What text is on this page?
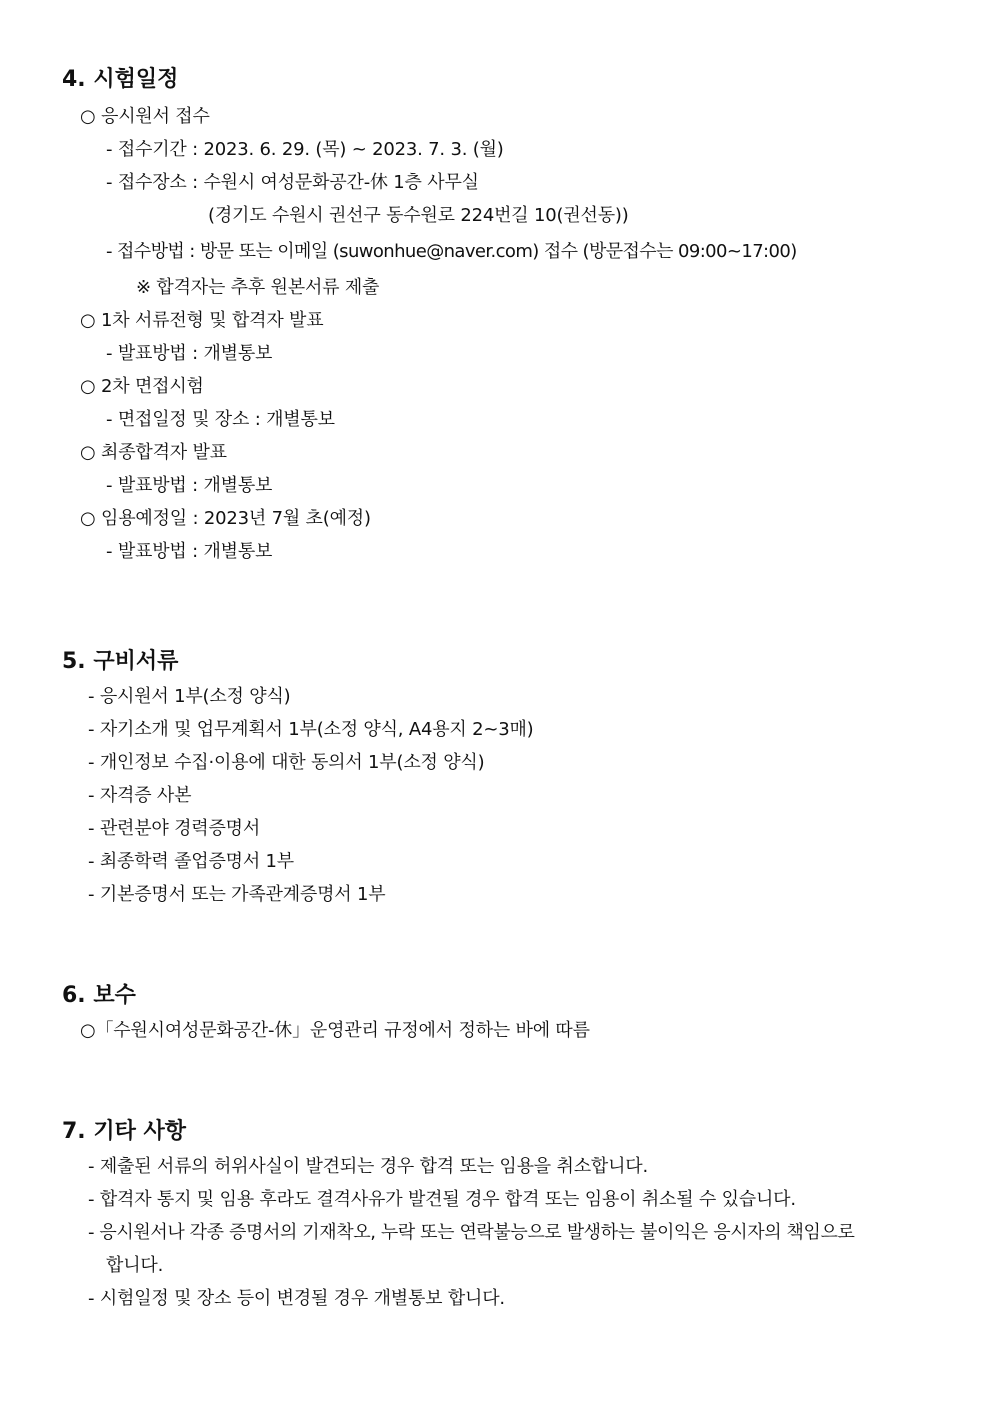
4. 시험일정
○ 응시원서 접수
- 접수기간 : 2023. 6. 29. (목) ~ 2023. 7. 3. (월)
- 접수장소 : 수원시 여성문화공간-休 1층 사무실
(경기도 수원시 권선구 동수원로 224번길 10(권선동))
- 접수방법 : 방문 또는 이메일 (suwonhue@naver.com) 접수 (방문접수는 09:00~17:00)
※ 합격자는 추후 원본서류 제출
○ 1차 서류전형 및 합격자 발표
- 발표방법 : 개별통보
○ 2차 면접시험
- 면접일정 및 장소 : 개별통보
○ 최종합격자 발표
- 발표방법 : 개별통보
○ 임용예정일 : 2023년 7월 초(예정)
- 발표방법 : 개별통보
5. 구비서류
- 응시원서 1부(소정 양식)
- 자기소개 및 업무계획서 1부(소정 양식, A4용지 2~3매)
- 개인정보 수집·이용에 대한 동의서 1부(소정 양식)
- 자격증 사본
- 관련분야 경력증명서
- 최종학력 졸업증명서 1부
- 기본증명서 또는 가족관계증명서 1부
6. 보수
○「수원시여성문화공간-休」운영관리 규정에서 정하는 바에 따름
7. 기타 사항
- 제출된 서류의 허위사실이 발견되는 경우 합격 또는 임용을 취소합니다.
- 합격자 통지 및 임용 후라도 결격사유가 발견될 경우 합격 또는 임용이 취소될 수 있습니다.
- 응시원서나 각종 증명서의 기재착오, 누락 또는 연락불능으로 발생하는 불이익은 응시자의 책임으로
합니다.
- 시험일정 및 장소 등이 변경될 경우 개별통보 합니다.
